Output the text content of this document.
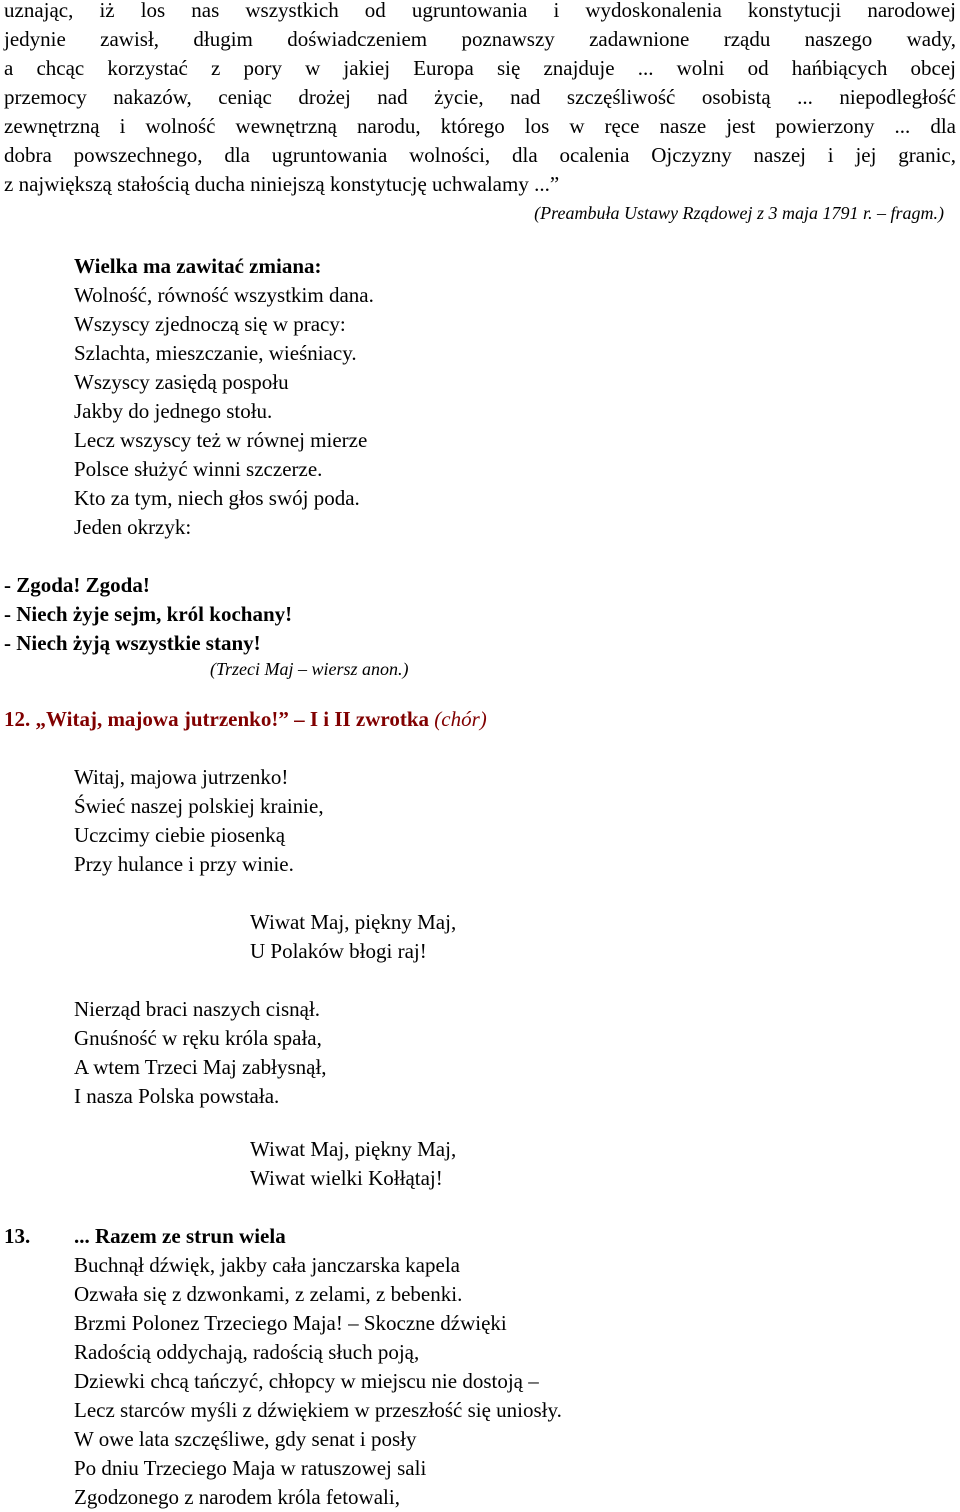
uznając, iż los nas wszystkich od ugruntowania i wydoskonalenia konstytucji narodowej
jedynie zawisł, długim doświadczeniem poznawszy zadawnione rządu naszego wady,
a chcąc korzystać z pory w jakiej Europa się znajduje ... wolni od hańbiących obcej
przemocy nakazów, ceniąc drożej nad życie, nad szczęśliwość osobistą ... niepodległość
zewnętrzną i wolność wewnętrzną narodu, którego los w ręce nasze jest powierzony ... dla
dobra powszechnego, dla ugruntowania wolności, dla ocalenia Ojczyzny naszej i jej granic,
z największą stałością ducha niniejszą konstytucję uchwalamy ...”
(Preambuła Ustawy Rządowej z 3 maja 1791 r. – fragm.)
Wielka ma zawitać zmiana:
Wolność, równość wszystkim dana.
Wszyscy zjednoczą się w pracy:
Szlachta, mieszczanie, wieśniacy.
Wszyscy zasiędą pospołu
Jakby do jednego stołu.
Lecz wszyscy też w równej mierze
Polsce służyć winni szczerze.
Kto za tym, niech głos swój poda.
Jeden okrzyk:
- Zgoda! Zgoda!
- Niech żyje sejm, król kochany!
- Niech żyją wszystkie stany!
(Trzeci Maj – wiersz anon.)
12. „Witaj, majowa jutrzenko!” – I i II zwrotka (chór)
Witaj, majowa jutrzenko!
Świeć naszej polskiej krainie,
Uczcimy ciebie piosenką
Przy hulance i przy winie.
Wiwat Maj, piękny Maj,
U Polaków błogi raj!
Nierząd braci naszych cisnął.
Gnuśność w ręku króla spała,
A wtem Trzeci Maj zabłysnął,
I nasza Polska powstała.
Wiwat Maj, piękny Maj,
Wiwat wielki Kołłątaj!
13. ... Razem ze strun wiela
Buchnął dźwięk, jakby cała janczarska kapela
Ozwała się z dzwonkami, z zelami, z bebenki.
Brzmi Polonez Trzeciego Maja! – Skoczne dźwięki
Radością oddychają, radością słuch poją,
Dziewki chcą tańczyć, chłopcy w miejscu nie dostoją –
Lecz starców myśli z dźwiękiem w przeszłość się uniosły.
W owe lata szczęśliwe, gdy senat i posły
Po dniu Trzeciego Maja w ratuszowej sali
Zgodzonego z narodem króla fetowali,
